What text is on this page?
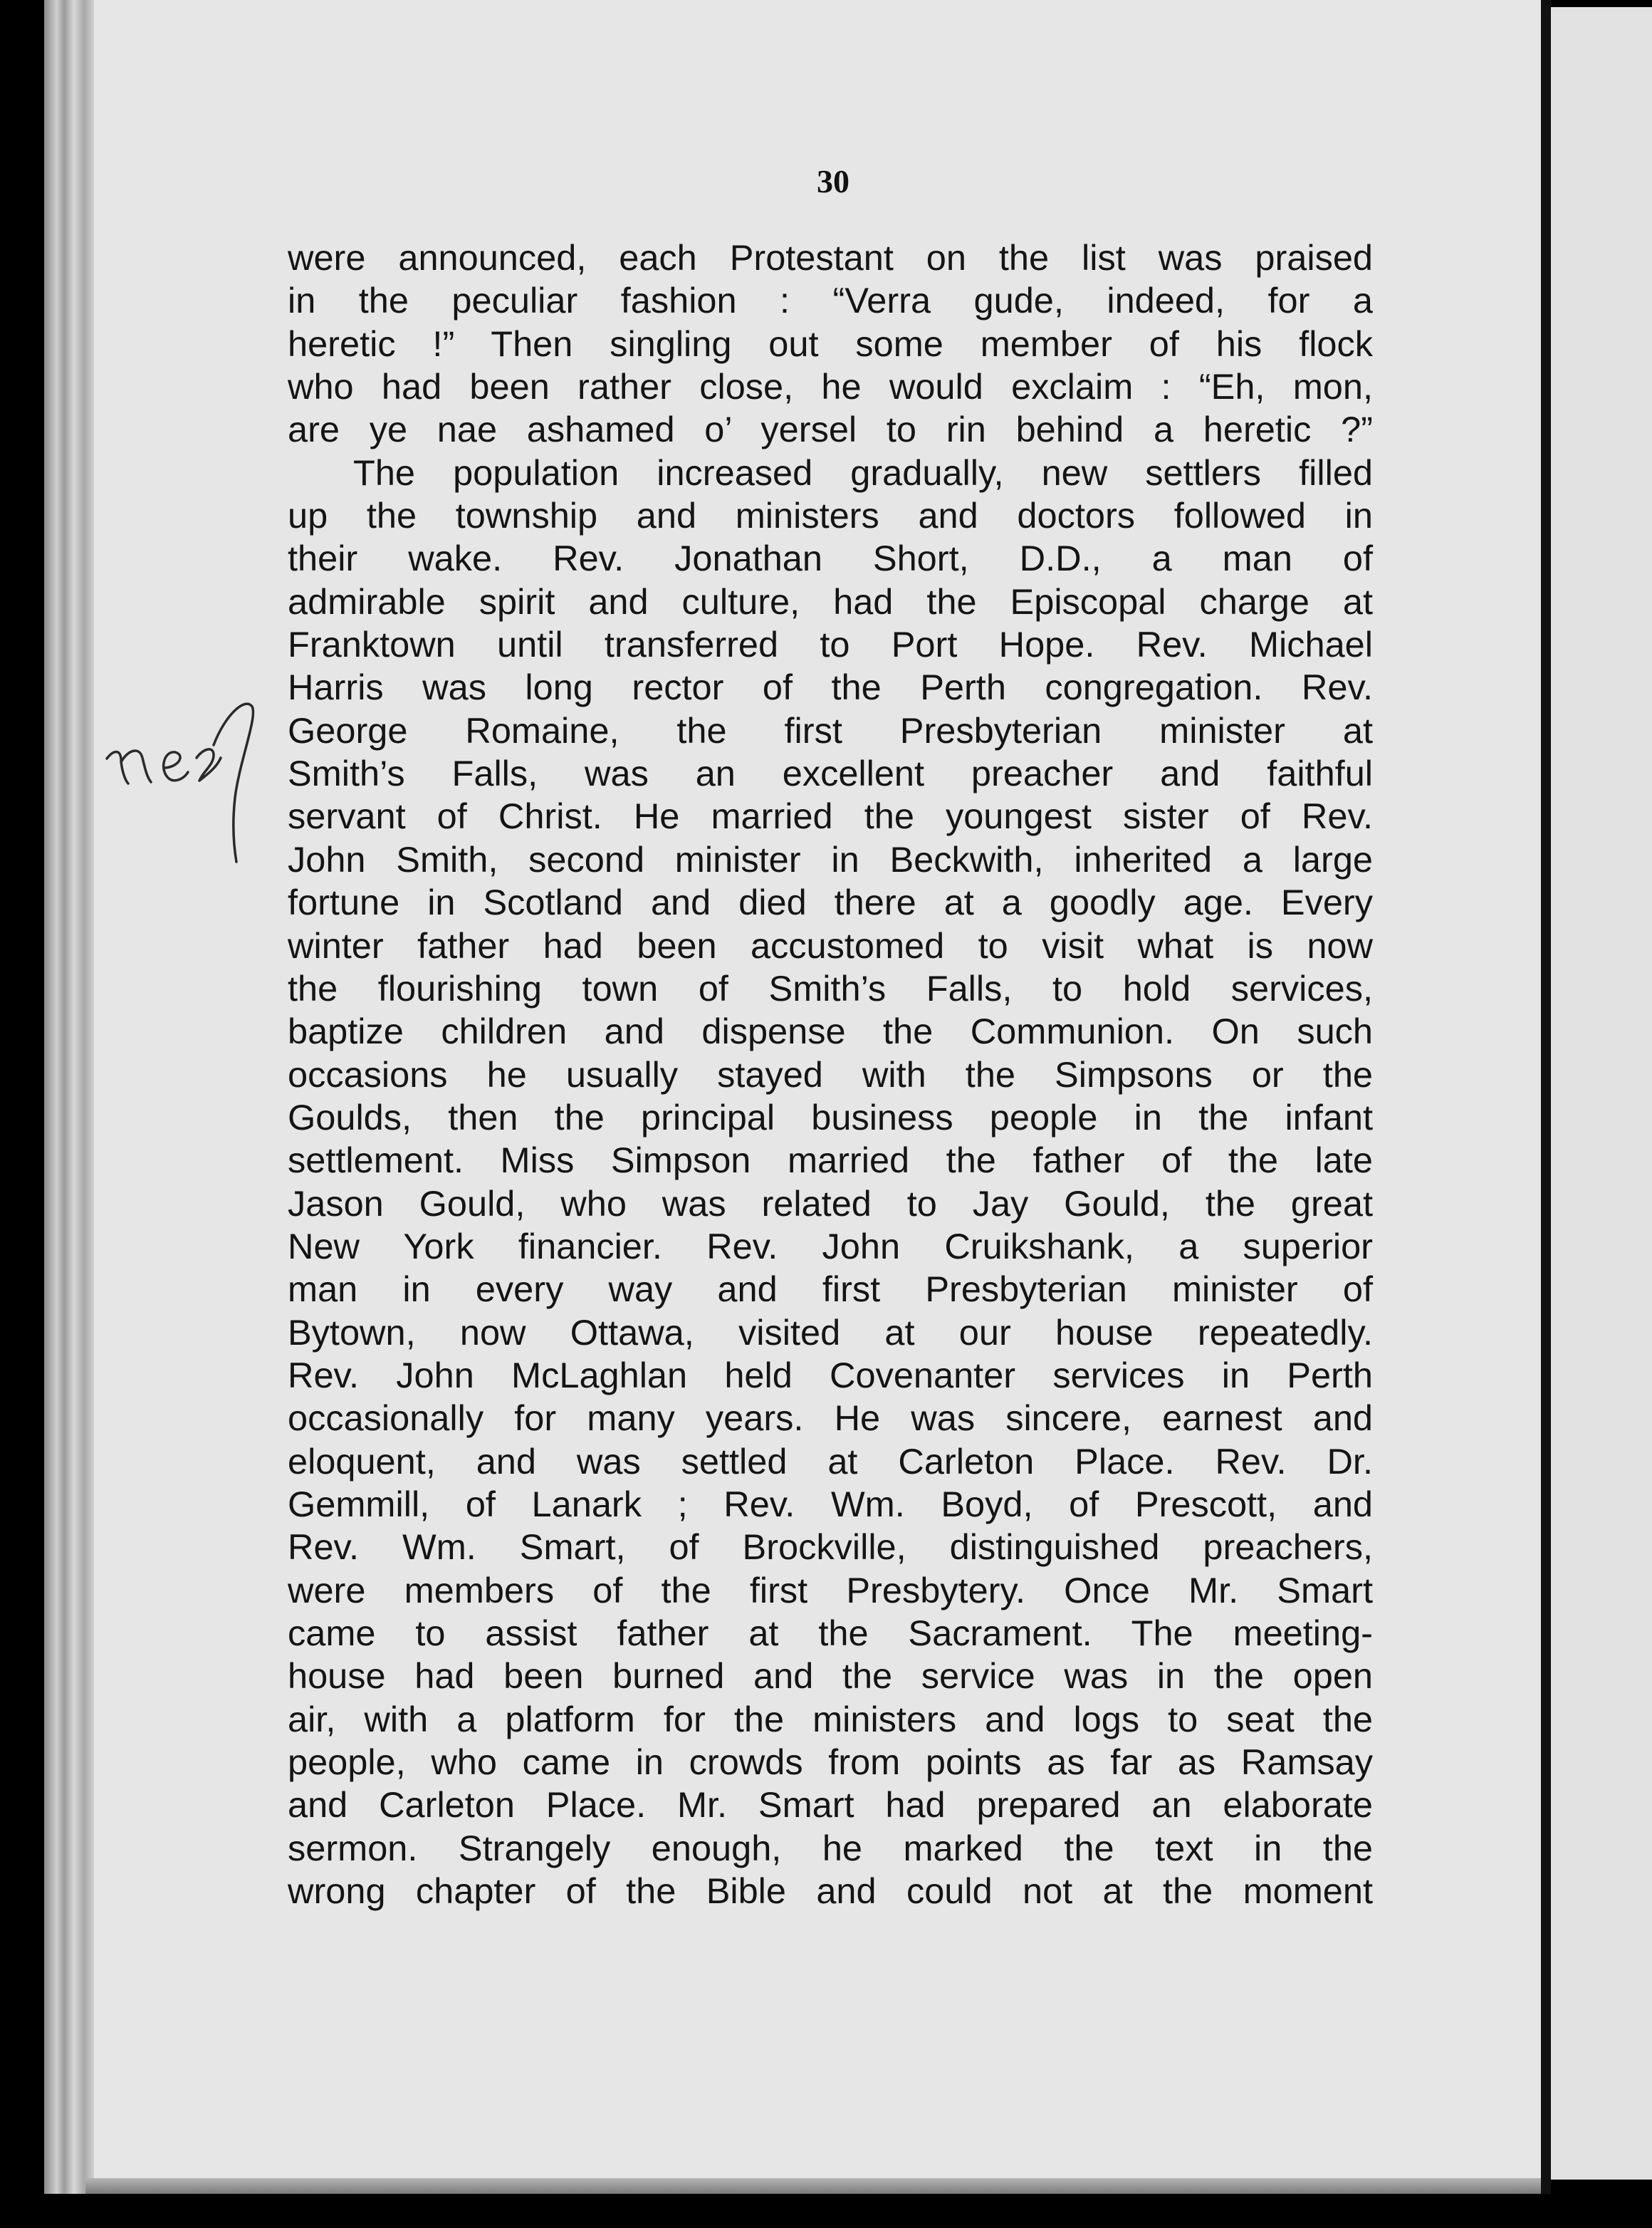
30
were announced, each Protestant on the list was praised
in the peculiar fashion : “Verra gude, indeed, for a
heretic !” Then singling out some member of his flock
who had been rather close, he would exclaim : “Eh, mon,
are ye nae ashamed o’ yersel to rin behind a heretic ?”
The population increased gradually, new settlers filled
up the township and ministers and doctors followed in
their wake. Rev. Jonathan Short, D.D., a man of
admirable spirit and culture, had the Episcopal charge at
Franktown until transferred to Port Hope. Rev. Michael
Harris was long rector of the Perth congregation. Rev.
George Romaine, the first Presbyterian minister at
Smith’s Falls, was an excellent preacher and faithful
servant of Christ. He married the youngest sister of Rev.
John Smith, second minister in Beckwith, inherited a large
fortune in Scotland and died there at a goodly age. Every
winter father had been accustomed to visit what is now
the flourishing town of Smith’s Falls, to hold services,
baptize children and dispense the Communion. On such
occasions he usually stayed with the Simpsons or the
Goulds, then the principal business people in the infant
settlement. Miss Simpson married the father of the late
Jason Gould, who was related to Jay Gould, the great
New York financier. Rev. John Cruikshank, a superior
man in every way and first Presbyterian minister of
Bytown, now Ottawa, visited at our house repeatedly.
Rev. John McLaghlan held Covenanter services in Perth
occasionally for many years. He was sincere, earnest and
eloquent, and was settled at Carleton Place. Rev. Dr.
Gemmill, of Lanark ; Rev. Wm. Boyd, of Prescott, and
Rev. Wm. Smart, of Brockville, distinguished preachers,
were members of the first Presbytery. Once Mr. Smart
came to assist father at the Sacrament. The meeting-
house had been burned and the service was in the open
air, with a platform for the ministers and logs to seat the
people, who came in crowds from points as far as Ramsay
and Carleton Place. Mr. Smart had prepared an elaborate
sermon. Strangely enough, he marked the text in the
wrong chapter of the Bible and could not at the moment
